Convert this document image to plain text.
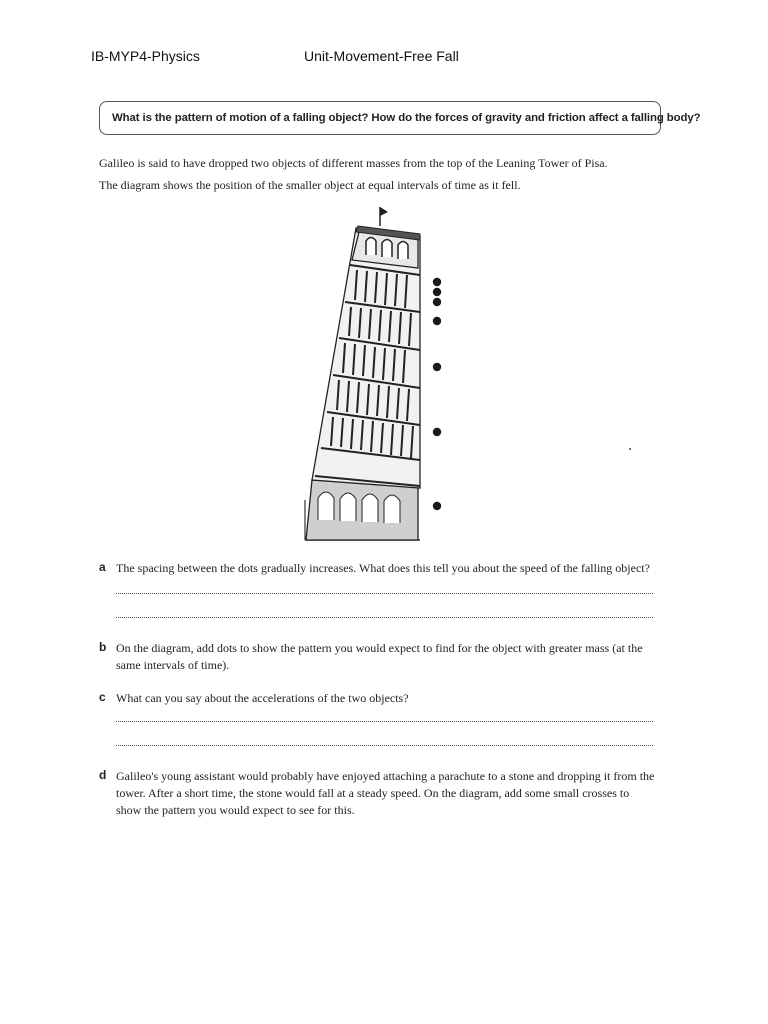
IB-MYP4-Physics	Unit-Movement-Free Fall
What is the pattern of motion of a falling object? How do the forces of gravity and friction affect a falling body?
Galileo is said to have dropped two objects of different masses from the top of the Leaning Tower of Pisa.
The diagram shows the position of the smaller object at equal intervals of time as it fell.
a The spacing between the dots gradually increases. What does this tell you about the speed of the falling object?
b On the diagram, add dots to show the pattern you would expect to find for the object with greater mass (at the same intervals of time).
c What can you say about the accelerations of the two objects?
d Galileo's young assistant would probably have enjoyed attaching a parachute to a stone and dropping it from the tower. After a short time, the stone would fall at a steady speed. On the diagram, add some small crosses to show the pattern you would expect to see for this.
